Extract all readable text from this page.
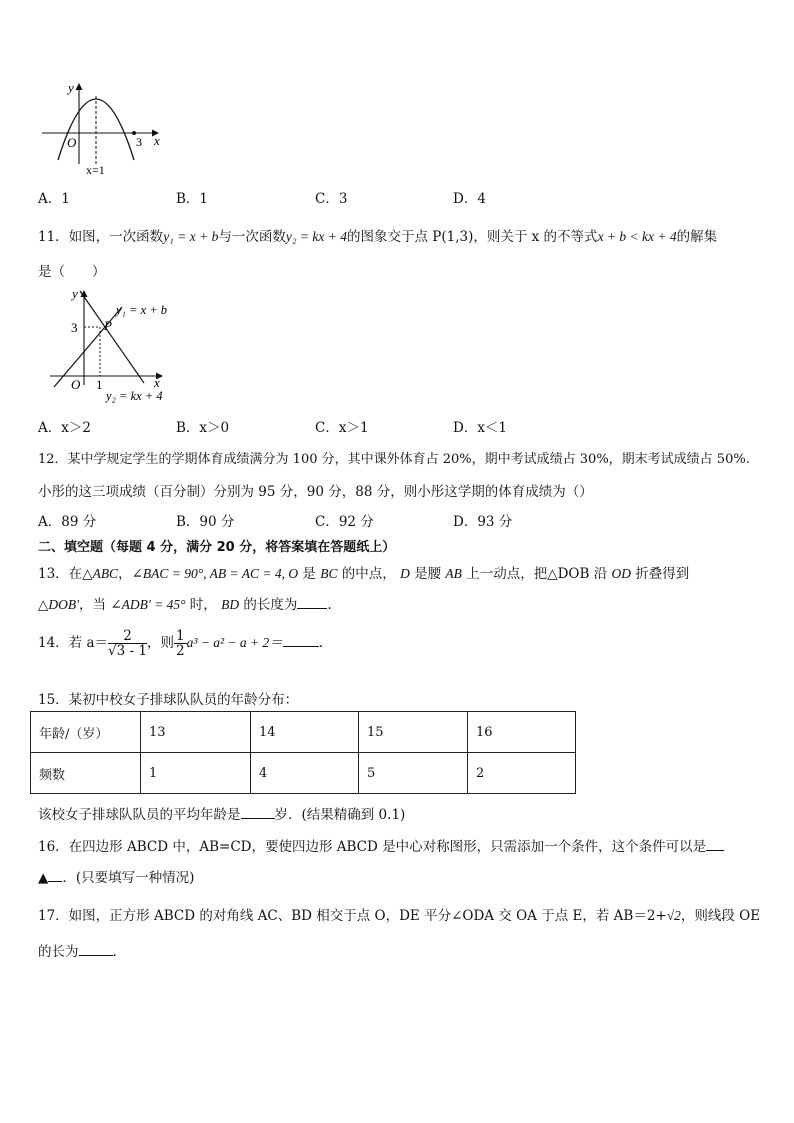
y
x
O	3
x=1
A．1	B．1	C．3	D．4
11．如图，一次函数y₁ = x + b与一次函数y₂ = kx + 4的图象交于点 P(1,3)，则关于 x 的不等式x + b < kx + 4的解集
是（　　）
y
x
O 1
3 P
y₁ = x + b
y₂ = kx + 4
A．x＞2	B．x＞0	C．x＞1	D．x＜1
12．某中学规定学生的学期体育成绩满分为 100 分，其中课外体育占 20%，期中考试成绩占 30%，期末考试成绩占 50%.
小彤的这三项成绩（百分制）分别为 95 分，90 分，88 分，则小彤这学期的体育成绩为（）
A．89 分	B．90 分	C．92 分	D．93 分
二、填空题（每题 4 分，满分 20 分，将答案填在答题纸上）
13．在△ABC，∠BAC = 90°, AB = AC = 4, O 是 BC 的中点， D 是腰 AB 上一动点，把△DOB 沿 OD 折叠得到
△DOB'，当 ∠ADB' = 45° 时， BD 的长度为 .
14．若 $a= \frac{2}{√3 - 1}$ ，则 $\frac{1}{2} a^3 - a^2 - a + 2=$	.
15．某初中校女子排球队队员的年龄分布：
年龄/（岁）	13	14	15	16
频数	1	4	5	2
该校女子排球队队员的平均年龄是	岁．(结果精确到 0.1)
16．在四边形 ABCD 中，AB=CD，要使四边形 ABCD 是中心对称图形，只需添加一个条件，这个条件可以是
▲ ．(只要填写一种情况)
17．如图，正方形 ABCD 的对角线 AC、BD 相交于点 O，DE 平分∠ODA 交 OA 于点 E，若 AB＝2+√2，则线段 OE
的长为	.
